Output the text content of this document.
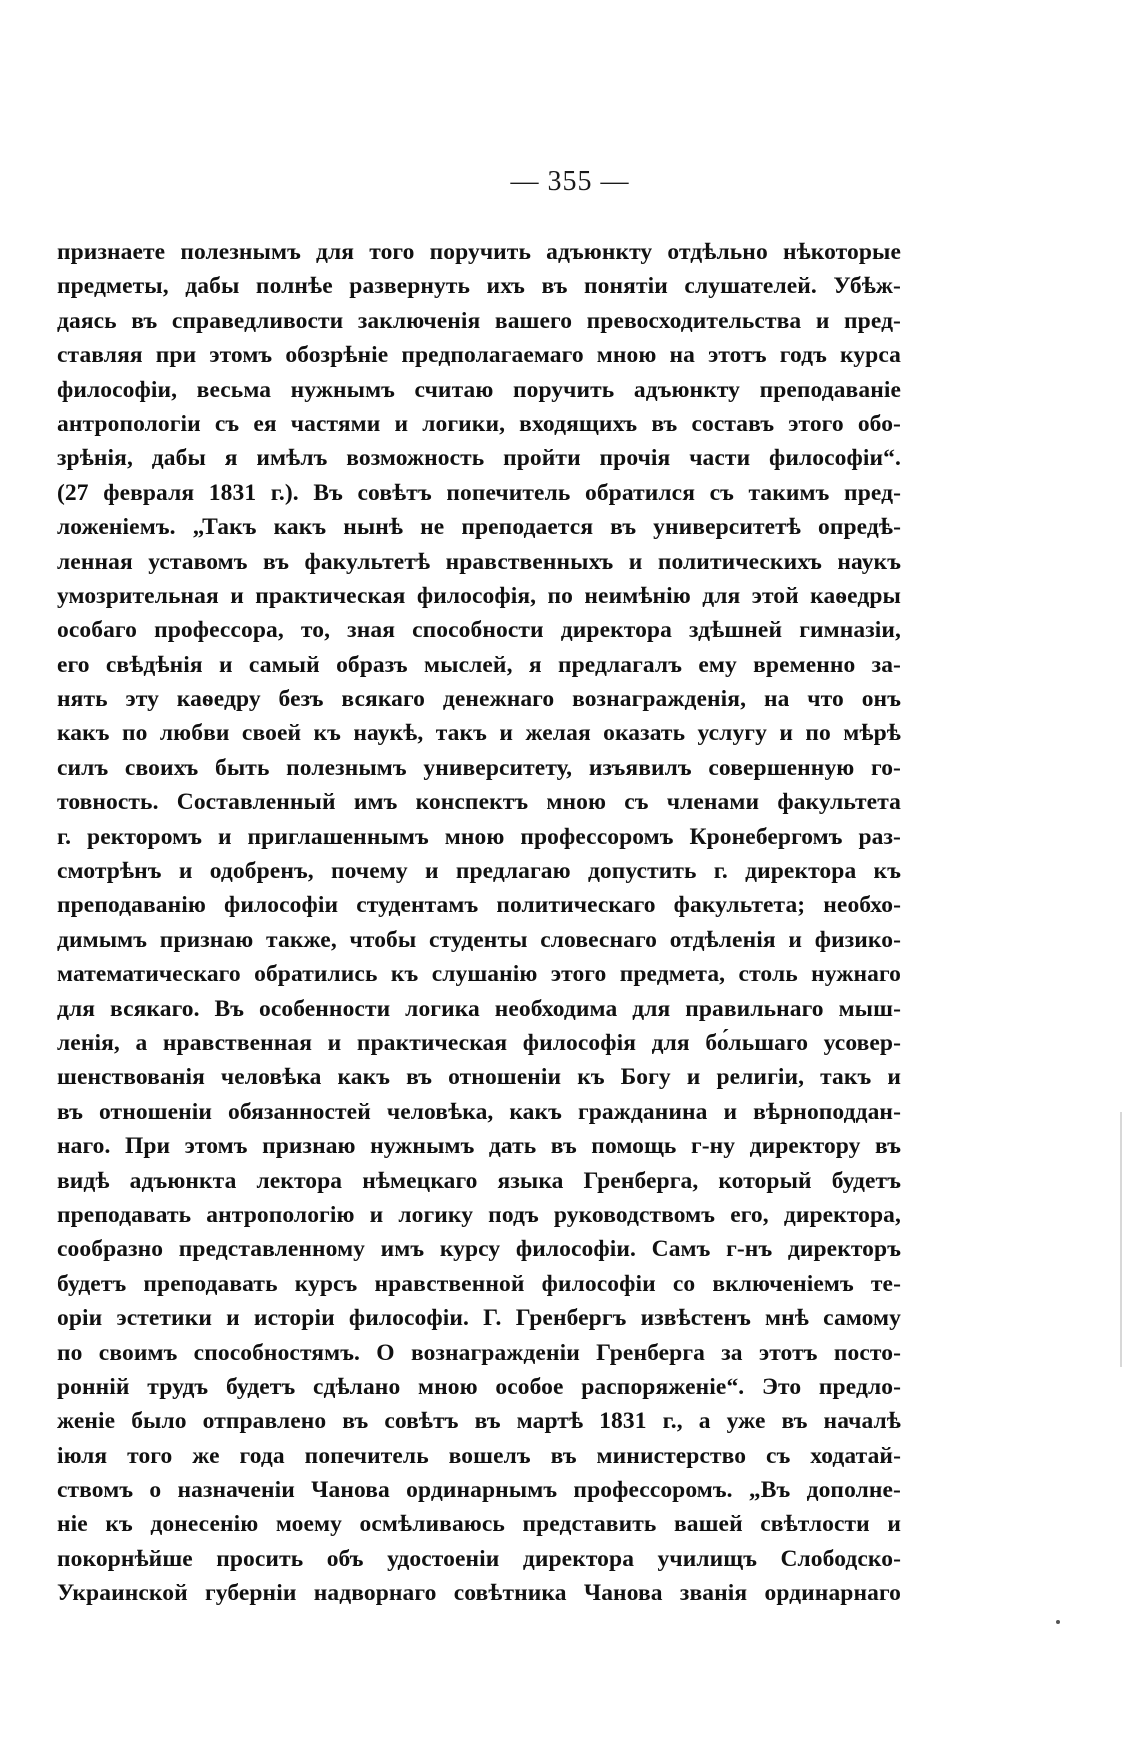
— 355 —
признаете полезнымъ для того поручить адъюнкту отдѣльно нѣкоторые
предметы, дабы полнѣе развернуть ихъ въ понятіи слушателей. Убѣж-
даясь въ справедливости заключенія вашего превосходительства и пред-
ставляя при этомъ обозрѣніе предполагаемаго мною на этотъ годъ курса
философіи, весьма нужнымъ считаю поручить адъюнкту преподаваніе
антропологіи съ ея частями и логики, входящихъ въ составъ этого обо-
зрѣнія, дабы я имѣлъ возможность пройти прочія части философіи“.
(27 февраля 1831 г.). Въ совѣтъ попечитель обратился съ такимъ пред-
ложеніемъ. „Такъ какъ нынѣ не преподается въ университетѣ опредѣ-
ленная уставомъ въ факультетѣ нравственныхъ и политическихъ наукъ
умозрительная и практическая философія, по неимѣнію для этой каѳедры
особаго профессора, то, зная способности директора здѣшней гимназіи,
его свѣдѣнія и самый образъ мыслей, я предлагалъ ему временно за-
нять эту каѳедру безъ всякаго денежнаго вознагражденія, на что онъ
какъ по любви своей къ наукѣ, такъ и желая оказать услугу и по мѣрѣ
силъ своихъ быть полезнымъ университету, изъявилъ совершенную го-
товность. Составленный имъ конспектъ мною съ членами факультета
г. ректоромъ и приглашеннымъ мною профессоромъ Кронебергомъ раз-
смотрѣнъ и одобренъ, почему и предлагаю допустить г. директора къ
преподаванію философіи студентамъ политическаго факультета; необхо-
димымъ признаю также, чтобы студенты словеснаго отдѣленія и физико-
математическаго обратились къ слушанію этого предмета, столь нужнаго
для всякаго. Въ особенности логика необходима для правильнаго мыш-
ленія, а нравственная и практическая философія для бо́льшаго усовер-
шенствованія человѣка какъ въ отношеніи къ Богу и религіи, такъ и
въ отношеніи обязанностей человѣка, какъ гражданина и вѣрноподдан-
наго. При этомъ признаю нужнымъ дать въ помощь г-ну директору въ
видѣ адъюнкта лектора нѣмецкаго языка Гренберга, который будетъ
преподавать антропологію и логику подъ руководствомъ его, директора,
сообразно представленному имъ курсу философіи. Самъ г-нъ директоръ
будетъ преподавать курсъ нравственной философіи со включеніемъ те-
оріи эстетики и исторіи философіи. Г. Гренбергъ извѣстенъ мнѣ самому
по своимъ способностямъ. О вознагражденіи Гренберга за этотъ посто-
ронній трудъ будетъ сдѣлано мною особое распоряженіе“. Это предло-
женіе было отправлено въ совѣтъ въ мартѣ 1831 г., а уже въ началѣ
іюля того же года попечитель вошелъ въ министерство съ ходатай-
ствомъ о назначеніи Чанова ординарнымъ профессоромъ. „Въ дополне-
ніе къ донесенію моему осмѣливаюсь представить вашей свѣтлости и
покорнѣйше просить объ удостоеніи директора училищъ Слободско-
Украинской губерніи надворнаго совѣтника Чанова званія ординарнаго
